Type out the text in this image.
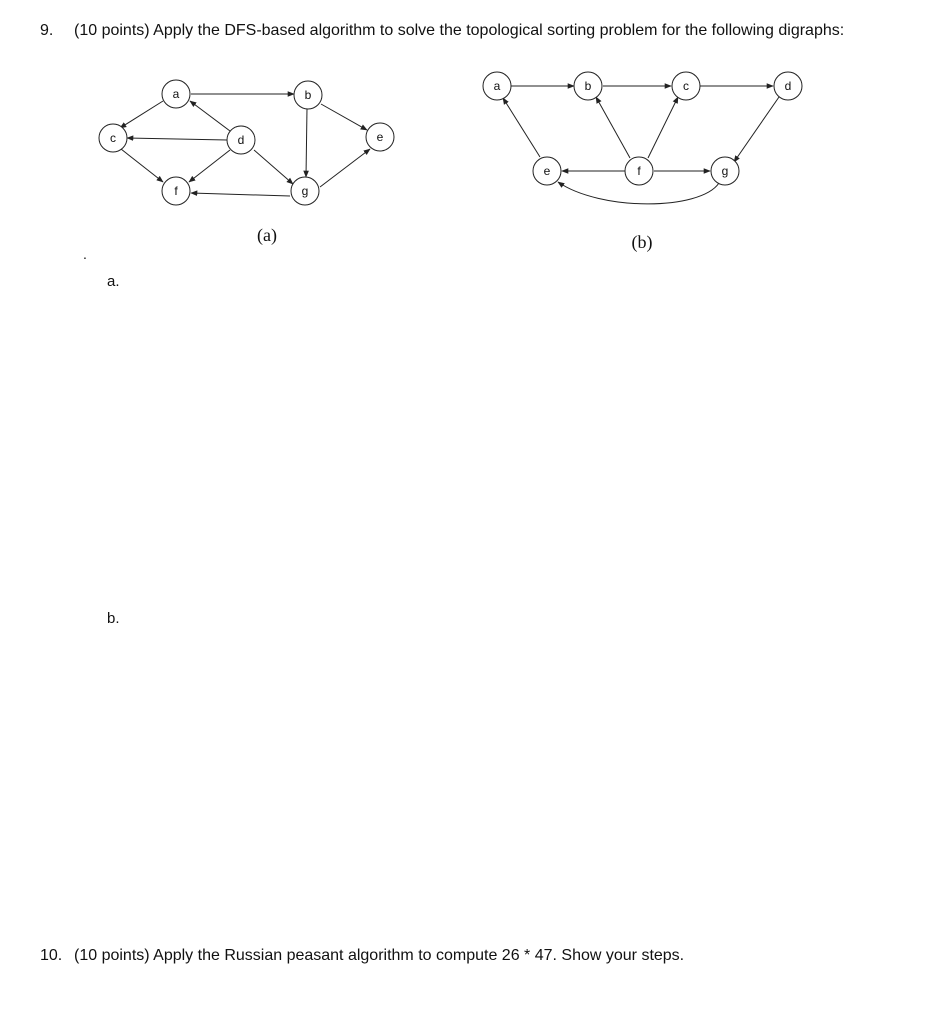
9. (10 points) Apply the DFS-based algorithm to solve the topological sorting problem for the following digraphs:
a	b
c	d	e
f	g
(a)
a	b	c	d
e	f	g
(b)
.
a.
b.
10. (10 points) Apply the Russian peasant algorithm to compute 26 * 47. Show your steps.
